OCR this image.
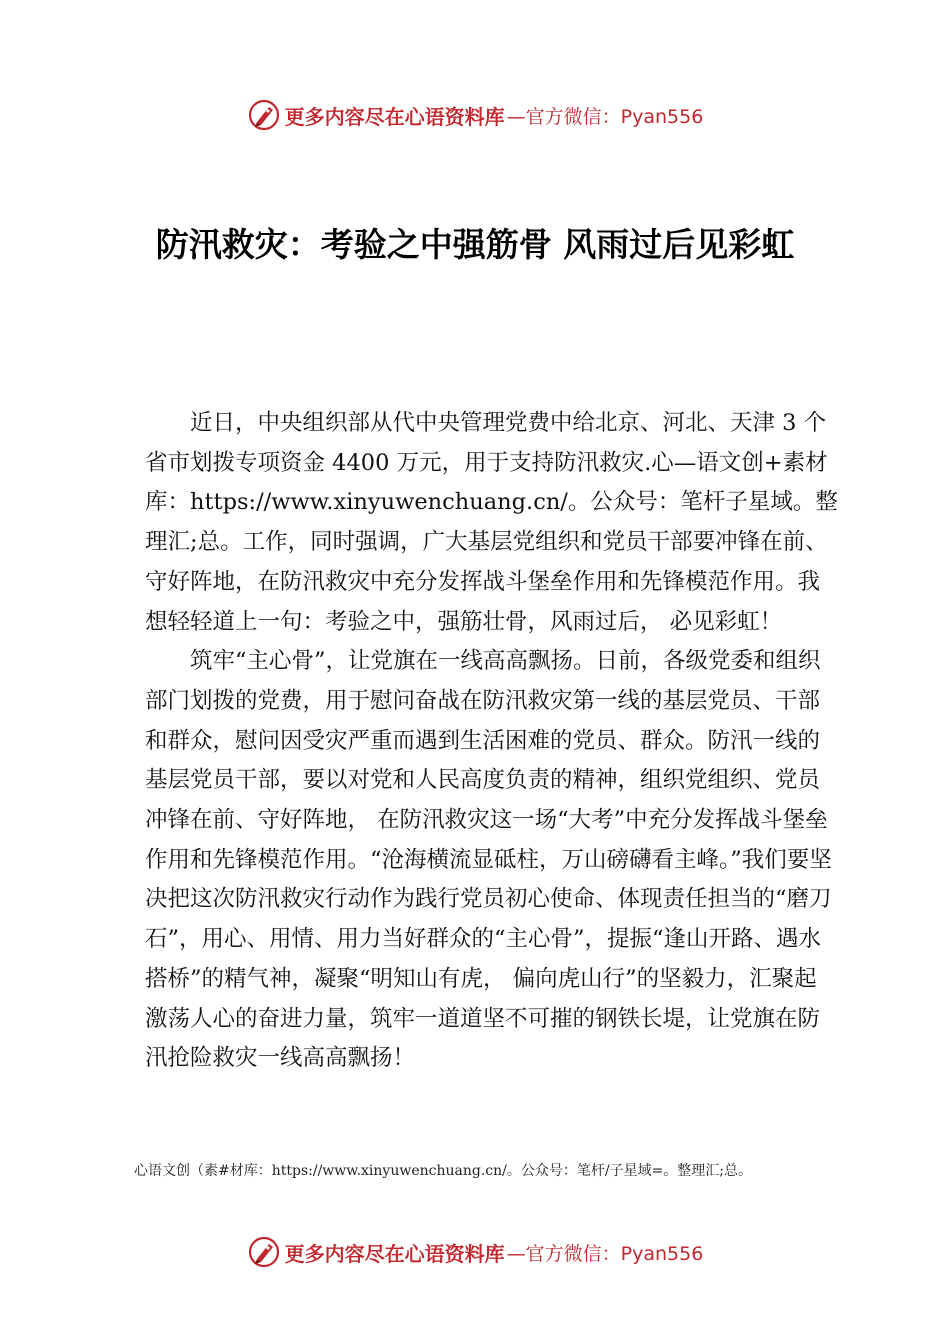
更多内容尽在心语资料库 —官方微信：Pyan556
防汛救灾：考验之中强筋骨 风雨过后见彩虹

近日，中央组织部从代中央管理党费中给北京、河北、天津 3 个省市划拨专项资金 4400 万元，用于支持防汛救灾.心—语文创+素材库：https://www.xinyuwenchuang.cn/。公众号：笔杆子星域。整理汇;总。工作，同时强调，广大基层党组织和党员干部要冲锋在前、 守好阵地，在防汛救灾中充分发挥战斗堡垒作用和先锋模范作用。我想轻轻道上一句：考验之中，强筋壮骨，风雨过后， 必见彩虹！

筑牢“主心骨”，让党旗在一线高高飘扬。日前，各级党委和组织部门划拨的党费，用于慰问奋战在防汛救灾第一线的基层党员、干部和群众，慰问因受灾严重而遇到生活困难的党员、群众。防汛一线的基层党员干部，要以对党和人民高度负责的精神，组织党组织、党员冲锋在前、守好阵地， 在防汛救灾这一场“大考”中充分发挥战斗堡垒作用和先锋模范作用。“沧海横流显砥柱，万山磅礴看主峰。”我们要坚决把这次防汛救灾行动作为践行党员初心使命、体现责任担当的“磨刀石”，用心、用情、用力当好群众的“主心骨”，提振“逢山开路、遇水搭桥”的精气神，凝聚“明知山有虎， 偏向虎山行”的坚毅力，汇聚起激荡人心的奋进力量，筑牢一道道坚不可摧的钢铁长堤，让党旗在防汛抢险救灾一线高高飘扬！

心语文创（素#材库：https://www.xinyuwenchuang.cn/。公众号：笔杆/子星域=。整理汇;总。
更多内容尽在心语资料库 —官方微信：Pyan556
